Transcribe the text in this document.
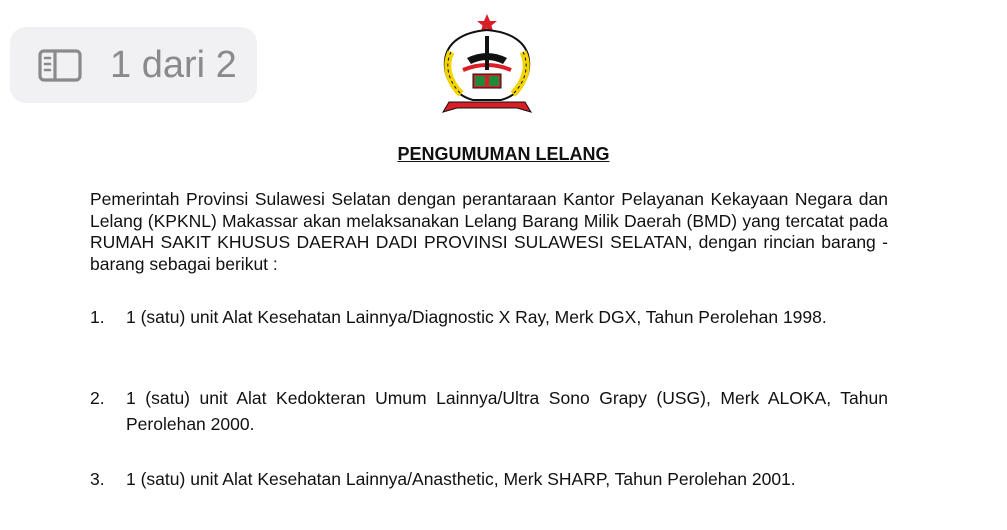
1 dari 2
PENGUMUMAN LELANG

Pemerintah Provinsi Sulawesi Selatan dengan perantaraan Kantor Pelayanan Kekayaan Negara dan Lelang (KPKNL) Makassar akan melaksanakan Lelang Barang Milik Daerah (BMD) yang tercatat pada RUMAH SAKIT KHUSUS DAERAH DADI PROVINSI SULAWESI SELATAN, dengan rincian barang - barang sebagai berikut :

1.	1 (satu) unit Alat Kesehatan Lainnya/Diagnostic X Ray, Merk DGX, Tahun Perolehan 1998.
2.	1 (satu) unit Alat Kedokteran Umum Lainnya/Ultra Sono Grapy (USG), Merk ALOKA, Tahun Perolehan 2000.
3.	1 (satu) unit Alat Kesehatan Lainnya/Anasthetic, Merk SHARP, Tahun Perolehan 2001.
